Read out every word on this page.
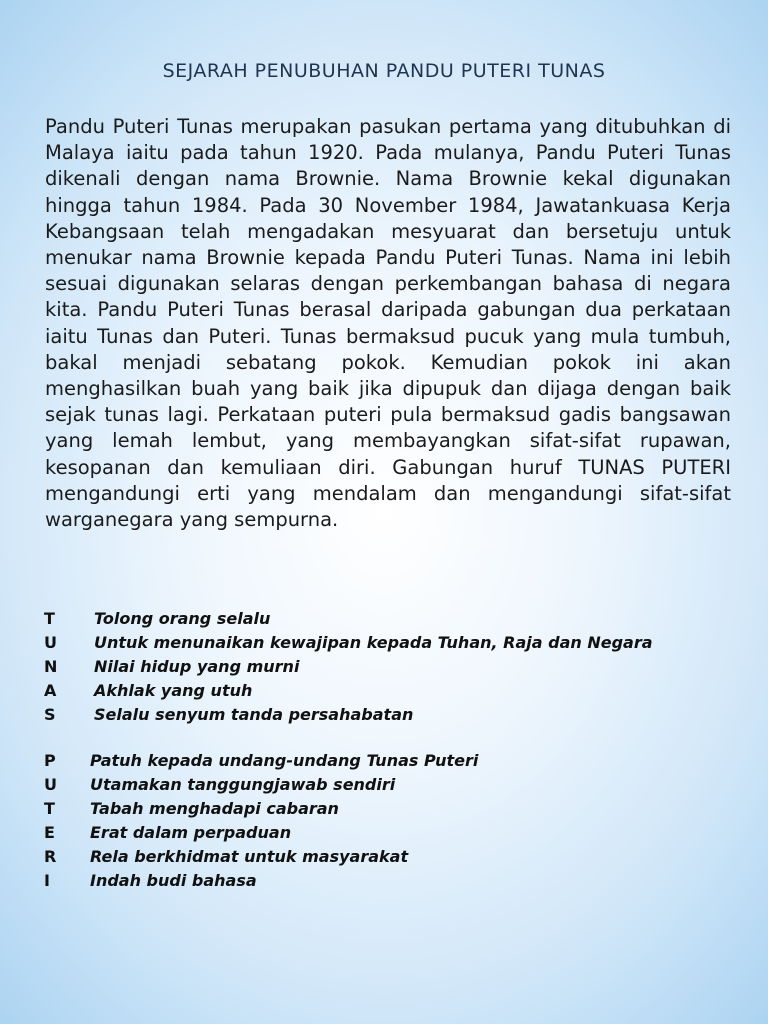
SEJARAH PENUBUHAN PANDU PUTERI TUNAS

Pandu Puteri Tunas merupakan pasukan pertama yang ditubuhkan di Malaya iaitu pada tahun 1920. Pada mulanya, Pandu Puteri Tunas dikenali dengan nama Brownie. Nama Brownie kekal digunakan hingga tahun 1984. Pada 30 November 1984, Jawatankuasa Kerja Kebangsaan telah mengadakan mesyuarat dan bersetuju untuk menukar nama Brownie kepada Pandu Puteri Tunas. Nama ini lebih sesuai digunakan selaras dengan perkembangan bahasa di negara kita. Pandu Puteri Tunas berasal daripada gabungan dua perkataan iaitu Tunas dan Puteri. Tunas bermaksud pucuk yang mula tumbuh, bakal menjadi sebatang pokok. Kemudian pokok ini akan menghasilkan buah yang baik jika dipupuk dan dijaga dengan baik sejak tunas lagi. Perkataan puteri pula bermaksud gadis bangsawan yang lemah lembut, yang membayangkan sifat-sifat rupawan, kesopanan dan kemuliaan diri. Gabungan huruf TUNAS PUTERI mengandungi erti yang mendalam dan mengandungi sifat-sifat warganegara yang sempurna.

T	Tolong orang selalu
U	Untuk menunaikan kewajipan kepada Tuhan, Raja dan Negara
N	Nilai hidup yang murni
A	Akhlak yang utuh
S	Selalu senyum tanda persahabatan
P	Patuh kepada undang-undang Tunas Puteri
U	Utamakan tanggungjawab sendiri
T	Tabah menghadapi cabaran
E	Erat dalam perpaduan
R	Rela berkhidmat untuk masyarakat
I	Indah budi bahasa
